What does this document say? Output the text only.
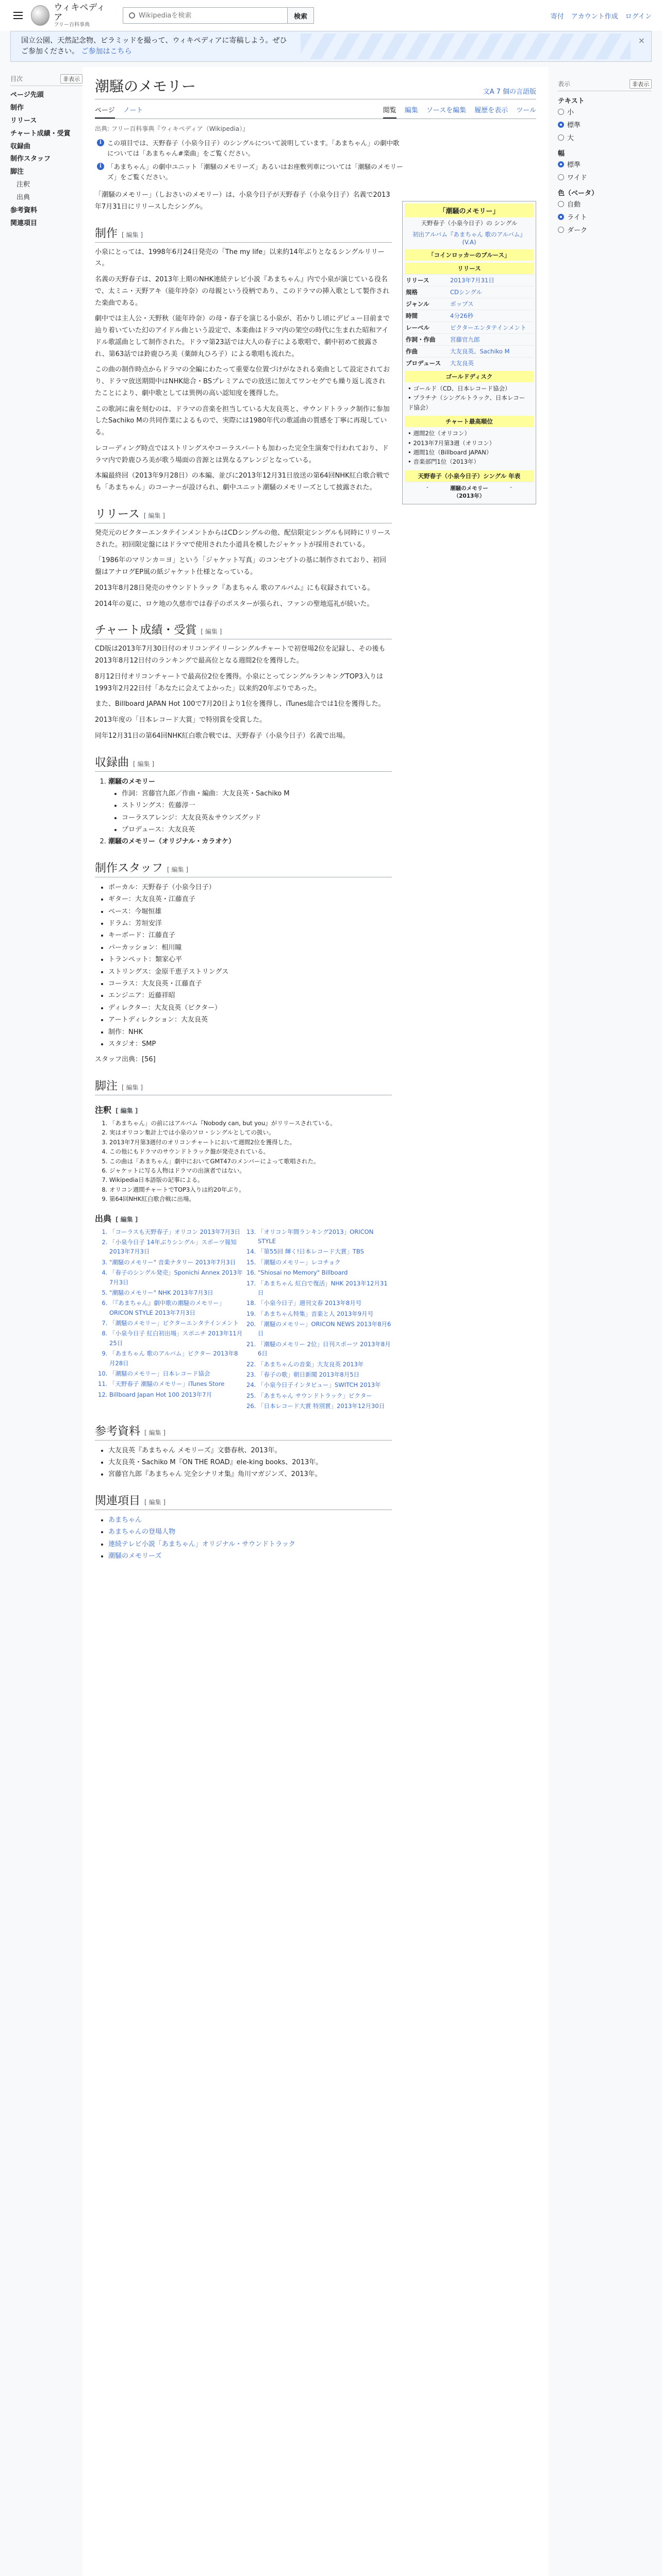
ウィキペディア
フリー百科事典
Wikipediaを検索
検索	寄付 アカウント作成 ログイン
国立公園、天然記念物、ピラミッドを撮って、ウィキペディアに寄稿しよう。ぜひご参加ください。 ご参加はこちら
×
目次	非表示
ページ先頭
制作
リリース
チャート成績・受賞
収録曲
制作スタッフ
脚注
注釈
出典
参考資料
関連項目
潮騒のメモリー	文A 7 個の言語版
ページ ノート	閲覧 編集 ソースを編集 履歴を表示 ツール
出典: フリー百科事典『ウィキペディア（Wikipedia）』
i この項目では、天野春子（小泉今日子）のシングルについて説明しています。「あまちゃん」の劇中歌については「あまちゃん#楽曲」をご覧ください。
i 「あまちゃん」の劇中ユニット「潮騒のメモリーズ」あるいはお座敷列車については「潮騒のメモリーズ」をご覧ください。

「潮騒のメモリー」（しおさいのメモリー）は、小泉今日子が天野春子（小泉今日子）名義で2013年7月31日にリリースしたシングル。

制作 [ 編集 ]

小泉にとっては、1998年6月24日発売の「The my life」以来約14年ぶりとなるシングルリリース。

名義の天野春子は、2013年上期のNHK連続テレビ小説『あまちゃん』内で小泉が演じている役名で、太ミニ・天野アキ（能年玲奈）の母親という役柄であり、このドラマの挿入歌として製作された楽曲である。

劇中では主人公・天野秋（能年玲奈）の母・春子を演じる小泉が、若かりし頃にデビュー目前まで辿り着いていた幻のアイドル曲という設定で、本楽曲はドラマ内の架空の時代に生まれた昭和アイドル歌謡曲として制作された。ドラマ第23話では大人の春子による歌唱で、劇中初めて披露され、第63話では鈴鹿ひろ美（薬師丸ひろ子）による歌唱も流れた。

この曲の制作時点からドラマの全編にわたって重要な位置づけがなされる楽曲として設定されており、ドラマ放送期間中はNHK総合・BSプレミアムでの放送に加えてワンセグでも繰り返し流されたことにより、劇中歌としては異例の高い認知度を獲得した。

この歌詞に歯を刻むのは、ドラマの音楽を担当している大友良英と、サウンドトラック制作に参加したSachiko Mの共同作業によるもので、実際には1980年代の歌謡曲の質感を丁寧に再現している。

レコーディング時点ではストリングスやコーラスパートも加わった完全生演奏で行われており、ドラマ内で鈴鹿ひろ美が歌う場面の音源とは異なるアレンジとなっている。

本編最終回（2013年9月28日）の本編、並びに2013年12月31日放送の第64回NHK紅白歌合戦でも「あまちゃん」のコーナーが設けられ、劇中ユニット潮騒のメモリーズとして披露された。

リリース [ 編集 ]

発売元のビクターエンタテインメントからはCDシングルの他、配信限定シングルも同時にリリースされた。初回限定盤にはドラマで使用された小道具を模したジャケットが採用されている。

「1986年のマリンカ＝ヨ」という「ジャケット写真」のコンセプトの基に制作されており、初回盤はアナログEP風の紙ジャケット仕様となっている。

2013年8月28日発売のサウンドトラック『あまちゃん 歌のアルバム』にも収録されている。

2014年の夏に、ロケ地の久慈市では春子のポスターが張られ、ファンの聖地巡礼が続いた。

チャート成績・受賞 [ 編集 ]

CD版は2013年7月30日付のオリコンデイリーシングルチャートで初登場2位を記録し、その後も2013年8月12日付のランキングで最高位となる週間2位を獲得した。

8月12日付オリコンチャートで最高位2位を獲得。小泉にとってシングルランキングTOP3入りは1993年2月22日付「あなたに会えてよかった」以来約20年ぶりであった。

また、Billboard JAPAN Hot 100で7月20日より1位を獲得し、iTunes総合では1位を獲得した。

2013年度の「日本レコード大賞」で特別賞を受賞した。

同年12月31日の第64回NHK紅白歌合戦では、天野春子（小泉今日子）名義で出場。

収録曲 [ 編集 ]
1. 潮騒のメモリー
• 作詞：宮藤官九郎／作曲・編曲：大友良英・Sachiko M
• ストリングス：佐藤淳一
• コーラスアレンジ：大友良英＆サウンズグッド
• プロデュース：大友良英
2. 潮騒のメモリー（オリジナル・カラオケ）
制作スタッフ [ 編集 ]
• ボーカル：天野春子（小泉今日子）
• ギター：大友良英・江藤直子
• ベース：今堀恒雄
• ドラム：芳垣安洋
• キーボード：江藤直子
• パーカッション：相川瞳
• トランペット：類家心平
• ストリングス：金原千恵子ストリングス
• コーラス：大友良英・江藤直子
• エンジニア：近藤祥昭
• ディレクター：大友良英（ビクター）
• アートディレクション：大友良英
• 制作：NHK
• スタジオ：SMP

スタッフ出典：[56]

脚注 [ 編集 ]
注釈 [ 編集 ]
1. 「あまちゃん」の前にはアルバム『Nobody can, but you』がリリースされている。
2. 実はオリコン集計上では小泉のソロ・シングルとしての扱い。
3. 2013年7月第3週付のオリコンチャートにおいて週間2位を獲得した。
4. この他にもドラマのサウンドトラック盤が発売されている。
5. この曲は「あまちゃん」劇中においてGMT47のメンバーによって歌唱された。
6. ジャケットに写る人物はドラマの出演者ではない。
7. Wikipedia日本語版の記事による。
8. オリコン週間チャートでTOP3入りは約20年ぶり。
9. 第64回NHK紅白歌合戦に出場。
出典 [ 編集 ]
1. 「コーラスも天野春子」オリコン 2013年7月3日
2. 「小泉今日子 14年ぶりシングル」スポーツ報知 2013年7月3日
3. "潮騒のメモリー" 音楽ナタリー 2013年7月3日
4. 「春子のシングル発売」Sponichi Annex 2013年7月3日
5. "潮騒のメモリー" NHK 2013年7月3日
6. 「『あまちゃん』劇中歌の潮騒のメモリー」ORICON STYLE 2013年7月3日
7. 「潮騒のメモリー」ビクターエンタテインメント
8. 「小泉今日子 紅白初出場」スポニチ 2013年11月25日
9. 「あまちゃん 歌のアルバム」ビクター 2013年8月28日
10. 「潮騒のメモリー」日本レコード協会
11. 「天野春子 潮騒のメモリー」iTunes Store
12. Billboard Japan Hot 100 2013年7月
13. 「オリコン年間ランキング2013」ORICON STYLE
14. 「第55回 輝く!日本レコード大賞」TBS
15. 「潮騒のメモリー」レコチョク
16. "Shiosai no Memory" Billboard
17. 「あまちゃん 紅白で復活」NHK 2013年12月31日
18. 「小泉今日子」週刊文春 2013年8月号
19. 「あまちゃん特集」音楽と人 2013年9月号
20. 「潮騒のメモリー」ORICON NEWS 2013年8月6日
21. 「潮騒のメモリー 2位」日刊スポーツ 2013年8月6日
22. 「あまちゃんの音楽」大友良英 2013年
23. 「春子の歌」朝日新聞 2013年8月5日
24. 「小泉今日子インタビュー」SWITCH 2013年
25. 「あまちゃん サウンドトラック」ビクター
26. 「日本レコード大賞 特別賞」2013年12月30日
参考資料 [ 編集 ]
• 大友良英『あまちゃん メモリーズ』文藝春秋、2013年。
• 大友良英・Sachiko M『ON THE ROAD』ele-king books、2013年。
• 宮藤官九郎『あまちゃん 完全シナリオ集』角川マガジンズ、2013年。
関連項目 [ 編集 ]
• あまちゃん
• あまちゃんの登場人物
• 連続テレビ小説「あまちゃん」オリジナル・サウンドトラック
• 潮騒のメモリーズ
「潮騒のメモリー」
天野春子（小泉今日子）の シングル
初出アルバム『あまちゃん 歌のアルバム』(V.A)
「コインロッカーのブルース」
リリース
リリース	2013年7月31日
規格	CDシングル
ジャンル	ポップス
時間	4分26秒
レーベル	ビクターエンタテインメント
作詞・作曲	宮藤官九郎
作曲	大友良英、Sachiko M
プロデュース	大友良英
ゴールドディスク
• ゴールド（CD、日本レコード協会）
• プラチナ（シングルトラック、日本レコード協会）
チャート最高順位
• 週間2位（オリコン）
• 2013年7月第3週（オリコン）
• 週間1位（Billboard JAPAN）
• 音楽部門1位（2013年）
天野春子（小泉今日子）シングル 年表
-	潮騒のメモリー（2013年）
-
表示	非表示
テキスト
小
標準
大
幅
標準
ワイド
色（ベータ）
自動
ライト
ダーク
